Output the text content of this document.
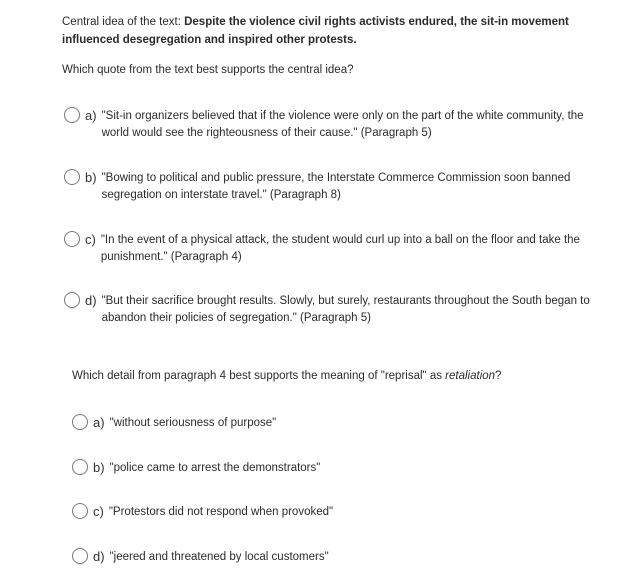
Central idea of the text: Despite the violence civil rights activists endured, the sit-in movement influenced desegregation and inspired other protests.
Which quote from the text best supports the central idea?
a) "Sit-in organizers believed that if the violence were only on the part of the white community, the world would see the righteousness of their cause." (Paragraph 5)
b) "Bowing to political and public pressure, the Interstate Commerce Commission soon banned segregation on interstate travel." (Paragraph 8)
c) "In the event of a physical attack, the student would curl up into a ball on the floor and take the punishment." (Paragraph 4)
d) "But their sacrifice brought results. Slowly, but surely, restaurants throughout the South began to abandon their policies of segregation." (Paragraph 5)
Which detail from paragraph 4 best supports the meaning of "reprisal" as retaliation?
a) "without seriousness of purpose"
b) "police came to arrest the demonstrators"
c) "Protestors did not respond when provoked"
d) "jeered and threatened by local customers"
